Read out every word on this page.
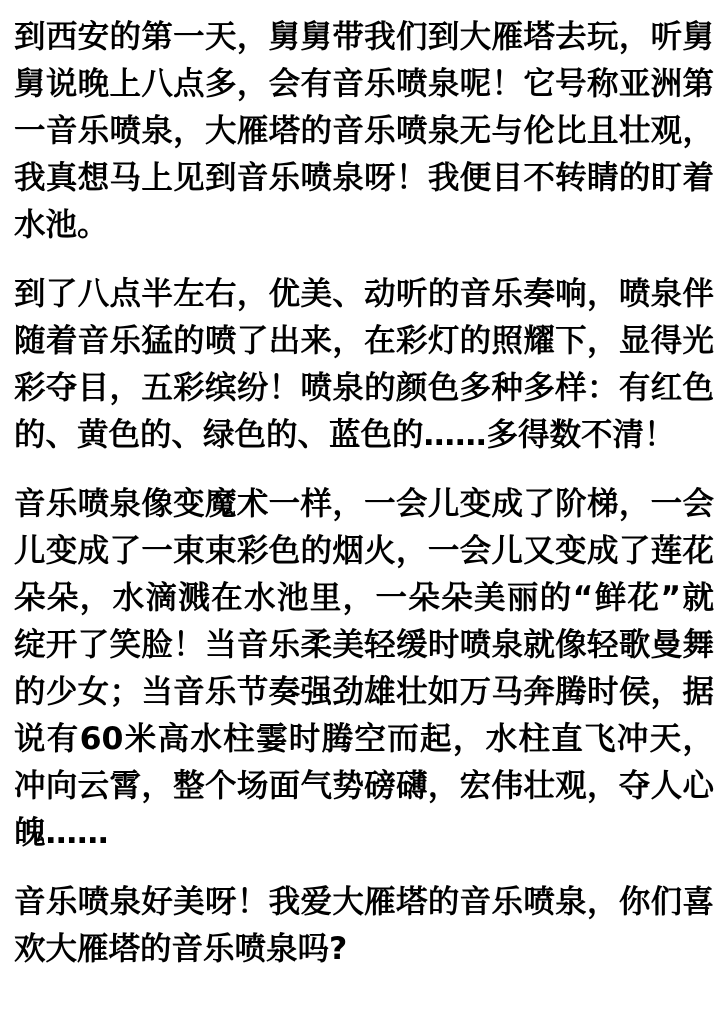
到西安的第一天，舅舅带我们到大雁塔去玩，听舅舅说晚上八点多，会有音乐喷泉呢！它号称亚洲第一音乐喷泉，大雁塔的音乐喷泉无与伦比且壮观，我真想马上见到音乐喷泉呀！我便目不转睛的盯着水池。

到了八点半左右，优美、动听的音乐奏响，喷泉伴随着音乐猛的喷了出来，在彩灯的照耀下，显得光彩夺目，五彩缤纷！喷泉的颜色多种多样：有红色的、黄色的、绿色的、蓝色的……多得数不清！

音乐喷泉像变魔术一样，一会儿变成了阶梯，一会儿变成了一束束彩色的烟火，一会儿又变成了莲花朵朵，水滴溅在水池里，一朵朵美丽的“鲜花”就绽开了笑脸！当音乐柔美轻缓时喷泉就像轻歌曼舞的少女；当音乐节奏强劲雄壮如万马奔腾时侯，据说有60米高水柱霎时腾空而起，水柱直飞冲天，冲向云霄，整个场面气势磅礴，宏伟壮观，夺人心魄……

音乐喷泉好美呀！我爱大雁塔的音乐喷泉，你们喜欢大雁塔的音乐喷泉吗?
